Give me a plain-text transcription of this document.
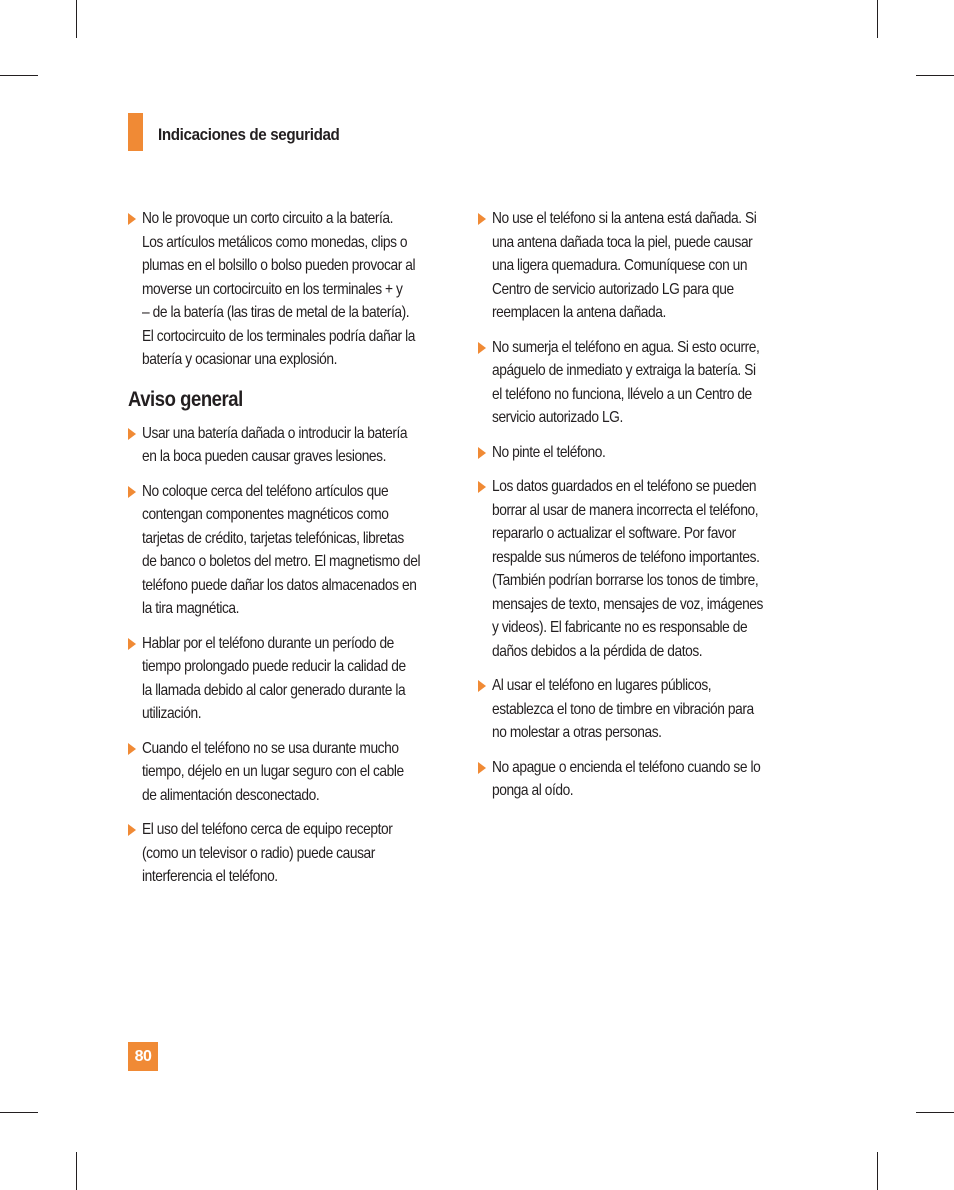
Indicaciones de seguridad
No le provoque un corto circuito a la batería.
Los artículos metálicos como monedas, clips o
plumas en el bolsillo o bolso pueden provocar al
moverse un cortocircuito en los terminales + y
– de la batería (las tiras de metal de la batería).
El cortocircuito de los terminales podría dañar la
batería y ocasionar una explosión.
Aviso general
Usar una batería dañada o introducir la batería
en la boca pueden causar graves lesiones.
No coloque cerca del teléfono artículos que
contengan componentes magnéticos como
tarjetas de crédito, tarjetas telefónicas, libretas
de banco o boletos del metro. El magnetismo del
teléfono puede dañar los datos almacenados en
la tira magnética.
Hablar por el teléfono durante un período de
tiempo prolongado puede reducir la calidad de
la llamada debido al calor generado durante la
utilización.
Cuando el teléfono no se usa durante mucho
tiempo, déjelo en un lugar seguro con el cable
de alimentación desconectado.
El uso del teléfono cerca de equipo receptor
(como un televisor o radio) puede causar
interferencia el teléfono.
No use el teléfono si la antena está dañada. Si
una antena dañada toca la piel, puede causar
una ligera quemadura. Comuníquese con un
Centro de servicio autorizado LG para que
reemplacen la antena dañada.
No sumerja el teléfono en agua. Si esto ocurre,
apáguelo de inmediato y extraiga la batería. Si
el teléfono no funciona, llévelo a un Centro de
servicio autorizado LG.
No pinte el teléfono.
Los datos guardados en el teléfono se pueden
borrar al usar de manera incorrecta el teléfono,
repararlo o actualizar el software. Por favor
respalde sus números de teléfono importantes.
(También podrían borrarse los tonos de timbre,
mensajes de texto, mensajes de voz, imágenes
y videos). El fabricante no es responsable de
daños debidos a la pérdida de datos.
Al usar el teléfono en lugares públicos,
establezca el tono de timbre en vibración para
no molestar a otras personas.
No apague o encienda el teléfono cuando se lo
ponga al oído.
80
